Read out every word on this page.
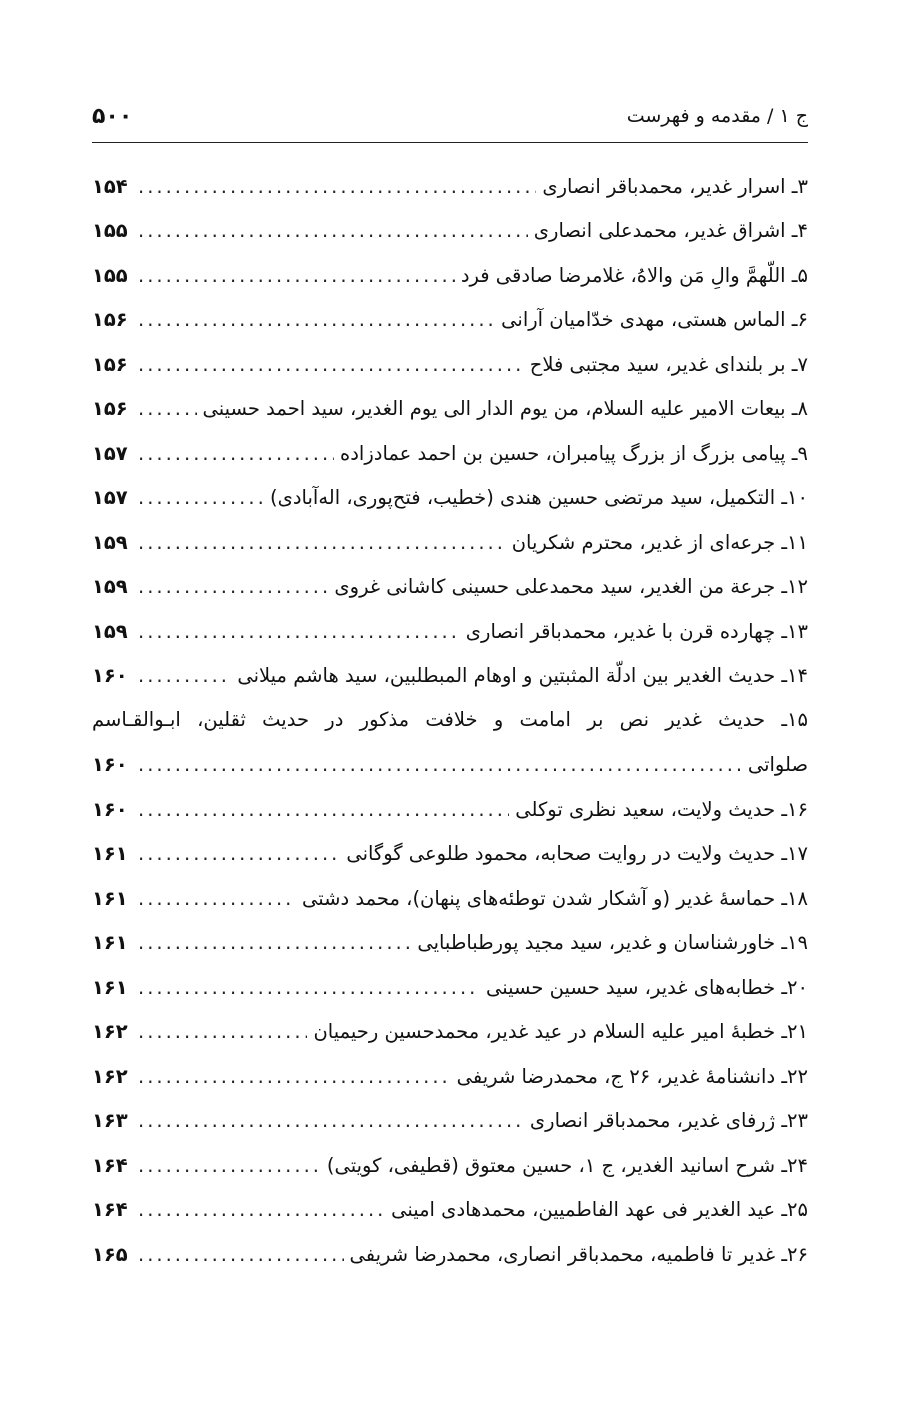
۵۰۰	ج ۱ / مقدمه و فهرست
۳ـ اسرار غدیر، محمدباقر انصاری
.....
۱۵۴
۴ـ اشراق غدیر، محمدعلی انصاری
.....
۱۵۵
۵ـ اللّهمَّ والِ مَن والاهُ، غلامرضا صادقی فرد
.....
۱۵۵
۶ـ الماس هستی، مهدی خدّامیان آرانی
.....
۱۵۶
۷ـ بر بلندای غدیر، سید مجتبی فلاح
.....
۱۵۶
۸ـ بیعات الامیر عليه السلام، من یوم الدار الی یوم الغدیر، سید احمد حسینی
.....
۱۵۶
۹ـ پیامی بزرگ از بزرگ پیامبران، حسین بن احمد عمادزاده
.....
۱۵۷
۱۰ـ التکمیل، سید مرتضی حسین هندی (خطیب، فتح‌پوری، اله‌آبادی)
.....
۱۵۷
۱۱ـ جرعه‌ای از غدیر، محترم شکریان
.....
۱۵۹
۱۲ـ جرعة من الغدیر، سید محمدعلی حسینی کاشانی غروی
.....
۱۵۹
۱۳ـ چهارده قرن با غدیر، محمدباقر انصاری
.....
۱۵۹
۱۴ـ حدیث الغدیر بین ادلّة المثبتین و اوهام المبطلبین، سید هاشم میلانی
.....
۱۶۰
۱۵ـ حدیث غدیر نص بر امامت و خلافت مذکور در حدیث ثقلین، ابـوالقـاسم
صلواتی
.....
۱۶۰
۱۶ـ حدیث ولایت، سعید نظری توکلی
.....
۱۶۰
۱۷ـ حدیث ولایت در روایت صحابه، محمود طلوعی گوگانی
.....
۱۶۱
۱۸ـ حماسهٔ غدیر (و آشکار شدن توطئه‌های پنهان)، محمد دشتی
.....
۱۶۱
۱۹ـ خاورشناسان و غدیر، سید مجید پورطباطبایی
.....
۱۶۱
۲۰ـ خطابه‌های غدیر، سید حسین حسینی
.....
۱۶۱
۲۱ـ خطبهٔ امیر عليه السلام در عید غدیر، محمدحسین رحیمیان
.....
۱۶۲
۲۲ـ دانشنامهٔ غدیر، ۲۶ ج، محمدرضا شریفی
.....
۱۶۲
۲۳ـ ژرفای غدیر، محمدباقر انصاری
.....
۱۶۳
۲۴ـ شرح اسانید الغدیر، ج ۱، حسین معتوق (قطیفی، کویتی)
.....
۱۶۴
۲۵ـ عید الغدیر فی عهد الفاطمیین، محمدهادی امینی
.....
۱۶۴
۲۶ـ غدیر تا فاطمیه، محمدباقر انصاری، محمدرضا شریفی
.....
۱۶۵
